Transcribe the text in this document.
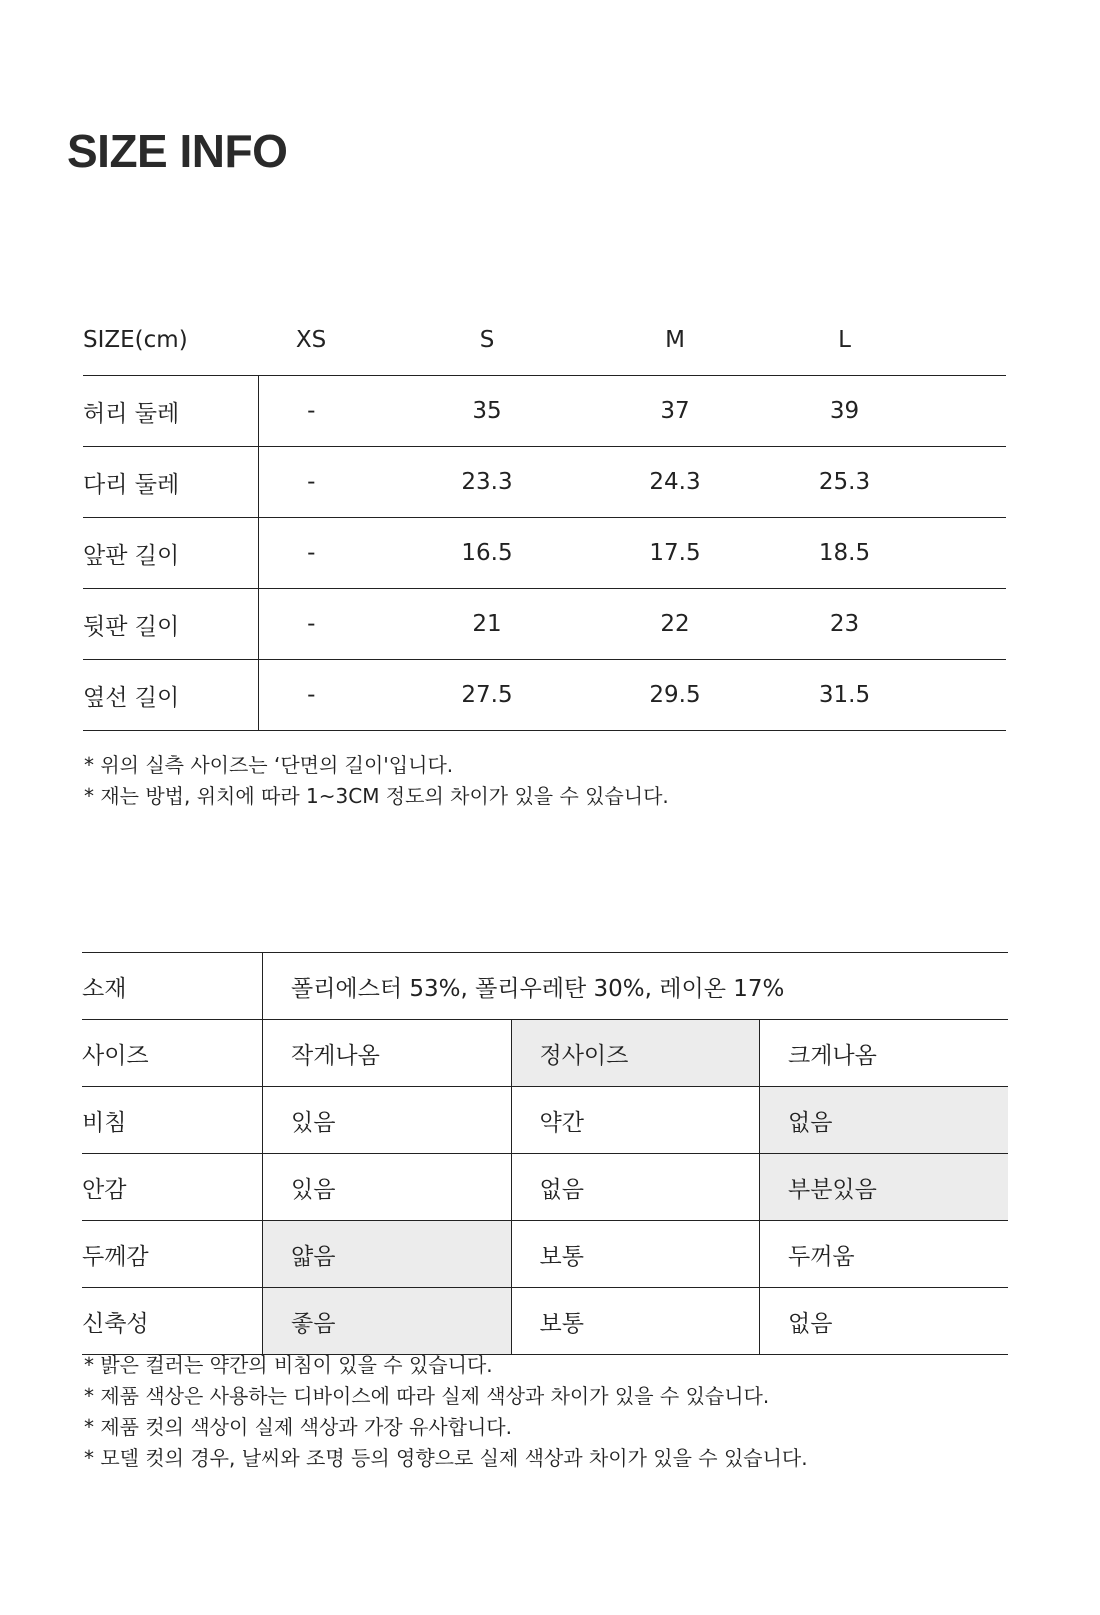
SIZE INFO
SIZE(cm)	XS	S	M	L	
허리 둘레	-	35	37	39	
다리 둘레	-	23.3	24.3	25.3	
앞판 길이	-	16.5	17.5	18.5	
뒷판 길이	-	21	22	23	
옆선 길이	-	27.5	29.5	31.5	
* 위의 실측 사이즈는 ‘단면의 길이'입니다.
* 재는 방법, 위치에 따라 1~3CM 정도의 차이가 있을 수 있습니다.
소재	폴리에스터 53%, 폴리우레탄 30%, 레이온 17%		
사이즈	작게나옴	정사이즈	크게나옴
비침	있음	약간	없음
안감	있음	없음	부분있음
두께감	얇음	보통	두꺼움
신축성	좋음	보통	없음
* 밝은 컬러는 약간의 비침이 있을 수 있습니다.
* 제품 색상은 사용하는 디바이스에 따라 실제 색상과 차이가 있을 수 있습니다.
* 제품 컷의 색상이 실제 색상과 가장 유사합니다.
* 모델 컷의 경우, 날씨와 조명 등의 영향으로 실제 색상과 차이가 있을 수 있습니다.
